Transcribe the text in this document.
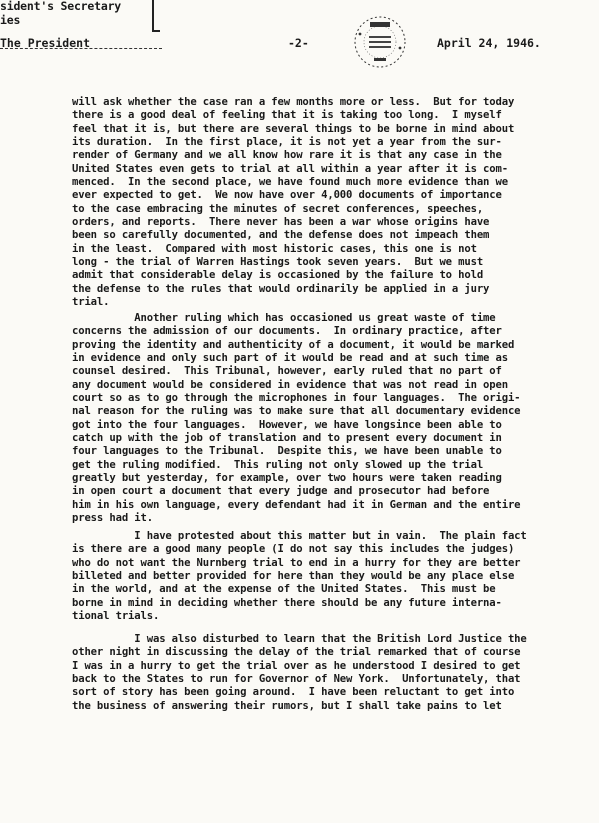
sident's Secretary
ies
The President	-2-	April 24, 1946.
will ask whether the case ran a few months more or less.  But for today
there is a good deal of feeling that it is taking too long.  I myself
feel that it is, but there are several things to be borne in mind about
its duration.  In the first place, it is not yet a year from the sur-
render of Germany and we all know how rare it is that any case in the
United States even gets to trial at all within a year after it is com-
menced.  In the second place, we have found much more evidence than we
ever expected to get.  We now have over 4,000 documents of importance
to the case embracing the minutes of secret conferences, speeches,
orders, and reports.  There never has been a war whose origins have
been so carefully documented, and the defense does not impeach them
in the least.  Compared with most historic cases, this one is not
long - the trial of Warren Hastings took seven years.  But we must
admit that considerable delay is occasioned by the failure to hold
the defense to the rules that would ordinarily be applied in a jury
trial.
Another ruling which has occasioned us great waste of time
concerns the admission of our documents.  In ordinary practice, after
proving the identity and authenticity of a document, it would be marked
in evidence and only such part of it would be read and at such time as
counsel desired.  This Tribunal, however, early ruled that no part of
any document would be considered in evidence that was not read in open
court so as to go through the microphones in four languages.  The origi-
nal reason for the ruling was to make sure that all documentary evidence
got into the four languages.  However, we have longsince been able to
catch up with the job of translation and to present every document in
four languages to the Tribunal.  Despite this, we have been unable to
get the ruling modified.  This ruling not only slowed up the trial
greatly but yesterday, for example, over two hours were taken reading
in open court a document that every judge and prosecutor had before
him in his own language, every defendant had it in German and the entire
press had it.
I have protested about this matter but in vain.  The plain fact
is there are a good many people (I do not say this includes the judges)
who do not want the Nurnberg trial to end in a hurry for they are better
billeted and better provided for here than they would be any place else
in the world, and at the expense of the United States.  This must be
borne in mind in deciding whether there should be any future interna-
tional trials.
I was also disturbed to learn that the British Lord Justice the
other night in discussing the delay of the trial remarked that of course
I was in a hurry to get the trial over as he understood I desired to get
back to the States to run for Governor of New York.  Unfortunately, that
sort of story has been going around.  I have been reluctant to get into
the business of answering their rumors, but I shall take pains to let
